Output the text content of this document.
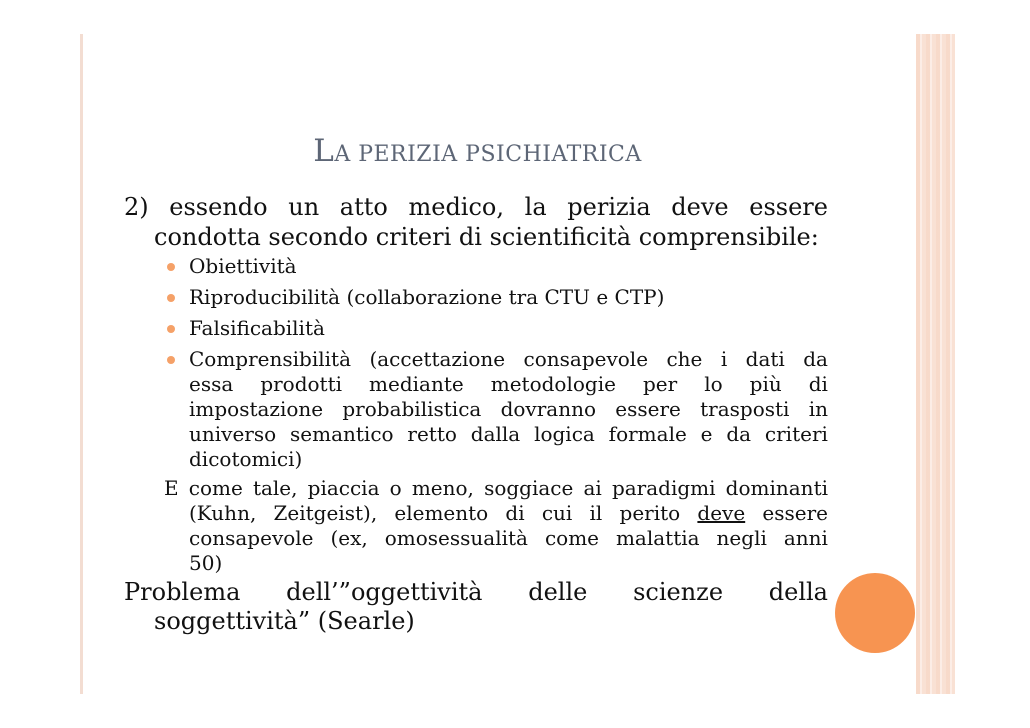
LA PERIZIA PSICHIATRICA
2) essendo un atto medico, la perizia deve essere
condotta secondo criteri di scientificità comprensibile:
Obiettività
Riproducibilità (collaborazione tra CTU e CTP)
Falsificabilità
Comprensibilità (accettazione consapevole che i dati da
essa prodotti mediante metodologie per lo più di
impostazione probabilistica dovranno essere trasposti in
universo semantico retto dalla logica formale e da criteri
dicotomici)
E come tale, piaccia o meno, soggiace ai paradigmi dominanti
(Kuhn, Zeitgeist), elemento di cui il perito deve essere
consapevole (ex, omosessualità come malattia negli anni
50)
Problema dell’”oggettività delle scienze della
soggettività” (Searle)
